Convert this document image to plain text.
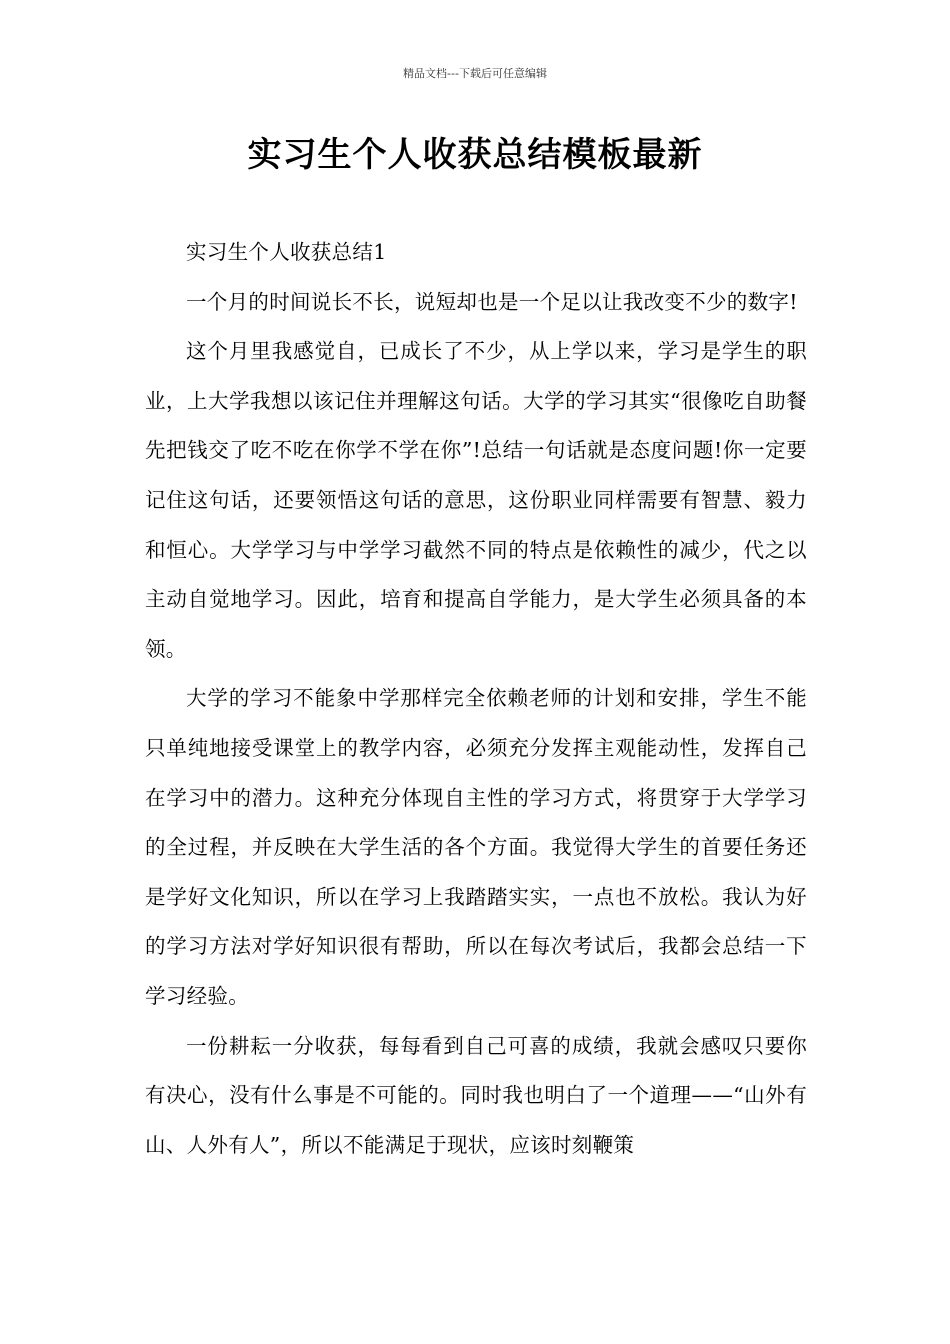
精品文档---下载后可任意编辑
实习生个人收获总结模板最新

实习生个人收获总结1

一个月的时间说长不长，说短却也是一个足以让我改变不少的数字!

这个月里我感觉自，已成长了不少，从上学以来，学习是学生的职业，上大学我想以该记住并理解这句话。大学的学习其实“很像吃自助餐先把钱交了吃不吃在你学不学在你”!总结一句话就是态度问题!你一定要记住这句话，还要领悟这句话的意思，这份职业同样需要有智慧、毅力和恒心。大学学习与中学学习截然不同的特点是依赖性的减少，代之以主动自觉地学习。因此，培育和提高自学能力，是大学生必须具备的本领。

大学的学习不能象中学那样完全依赖老师的计划和安排，学生不能只单纯地接受课堂上的教学内容，必须充分发挥主观能动性，发挥自己在学习中的潜力。这种充分体现自主性的学习方式，将贯穿于大学学习的全过程，并反映在大学生活的各个方面。我觉得大学生的首要任务还是学好文化知识，所以在学习上我踏踏实实，一点也不放松。我认为好的学习方法对学好知识很有帮助，所以在每次考试后，我都会总结一下学习经验。

一份耕耘一分收获，每每看到自己可喜的成绩，我就会感叹只要你有决心，没有什么事是不可能的。同时我也明白了一个道理——“山外有山、人外有人”，所以不能满足于现状，应该时刻鞭策
